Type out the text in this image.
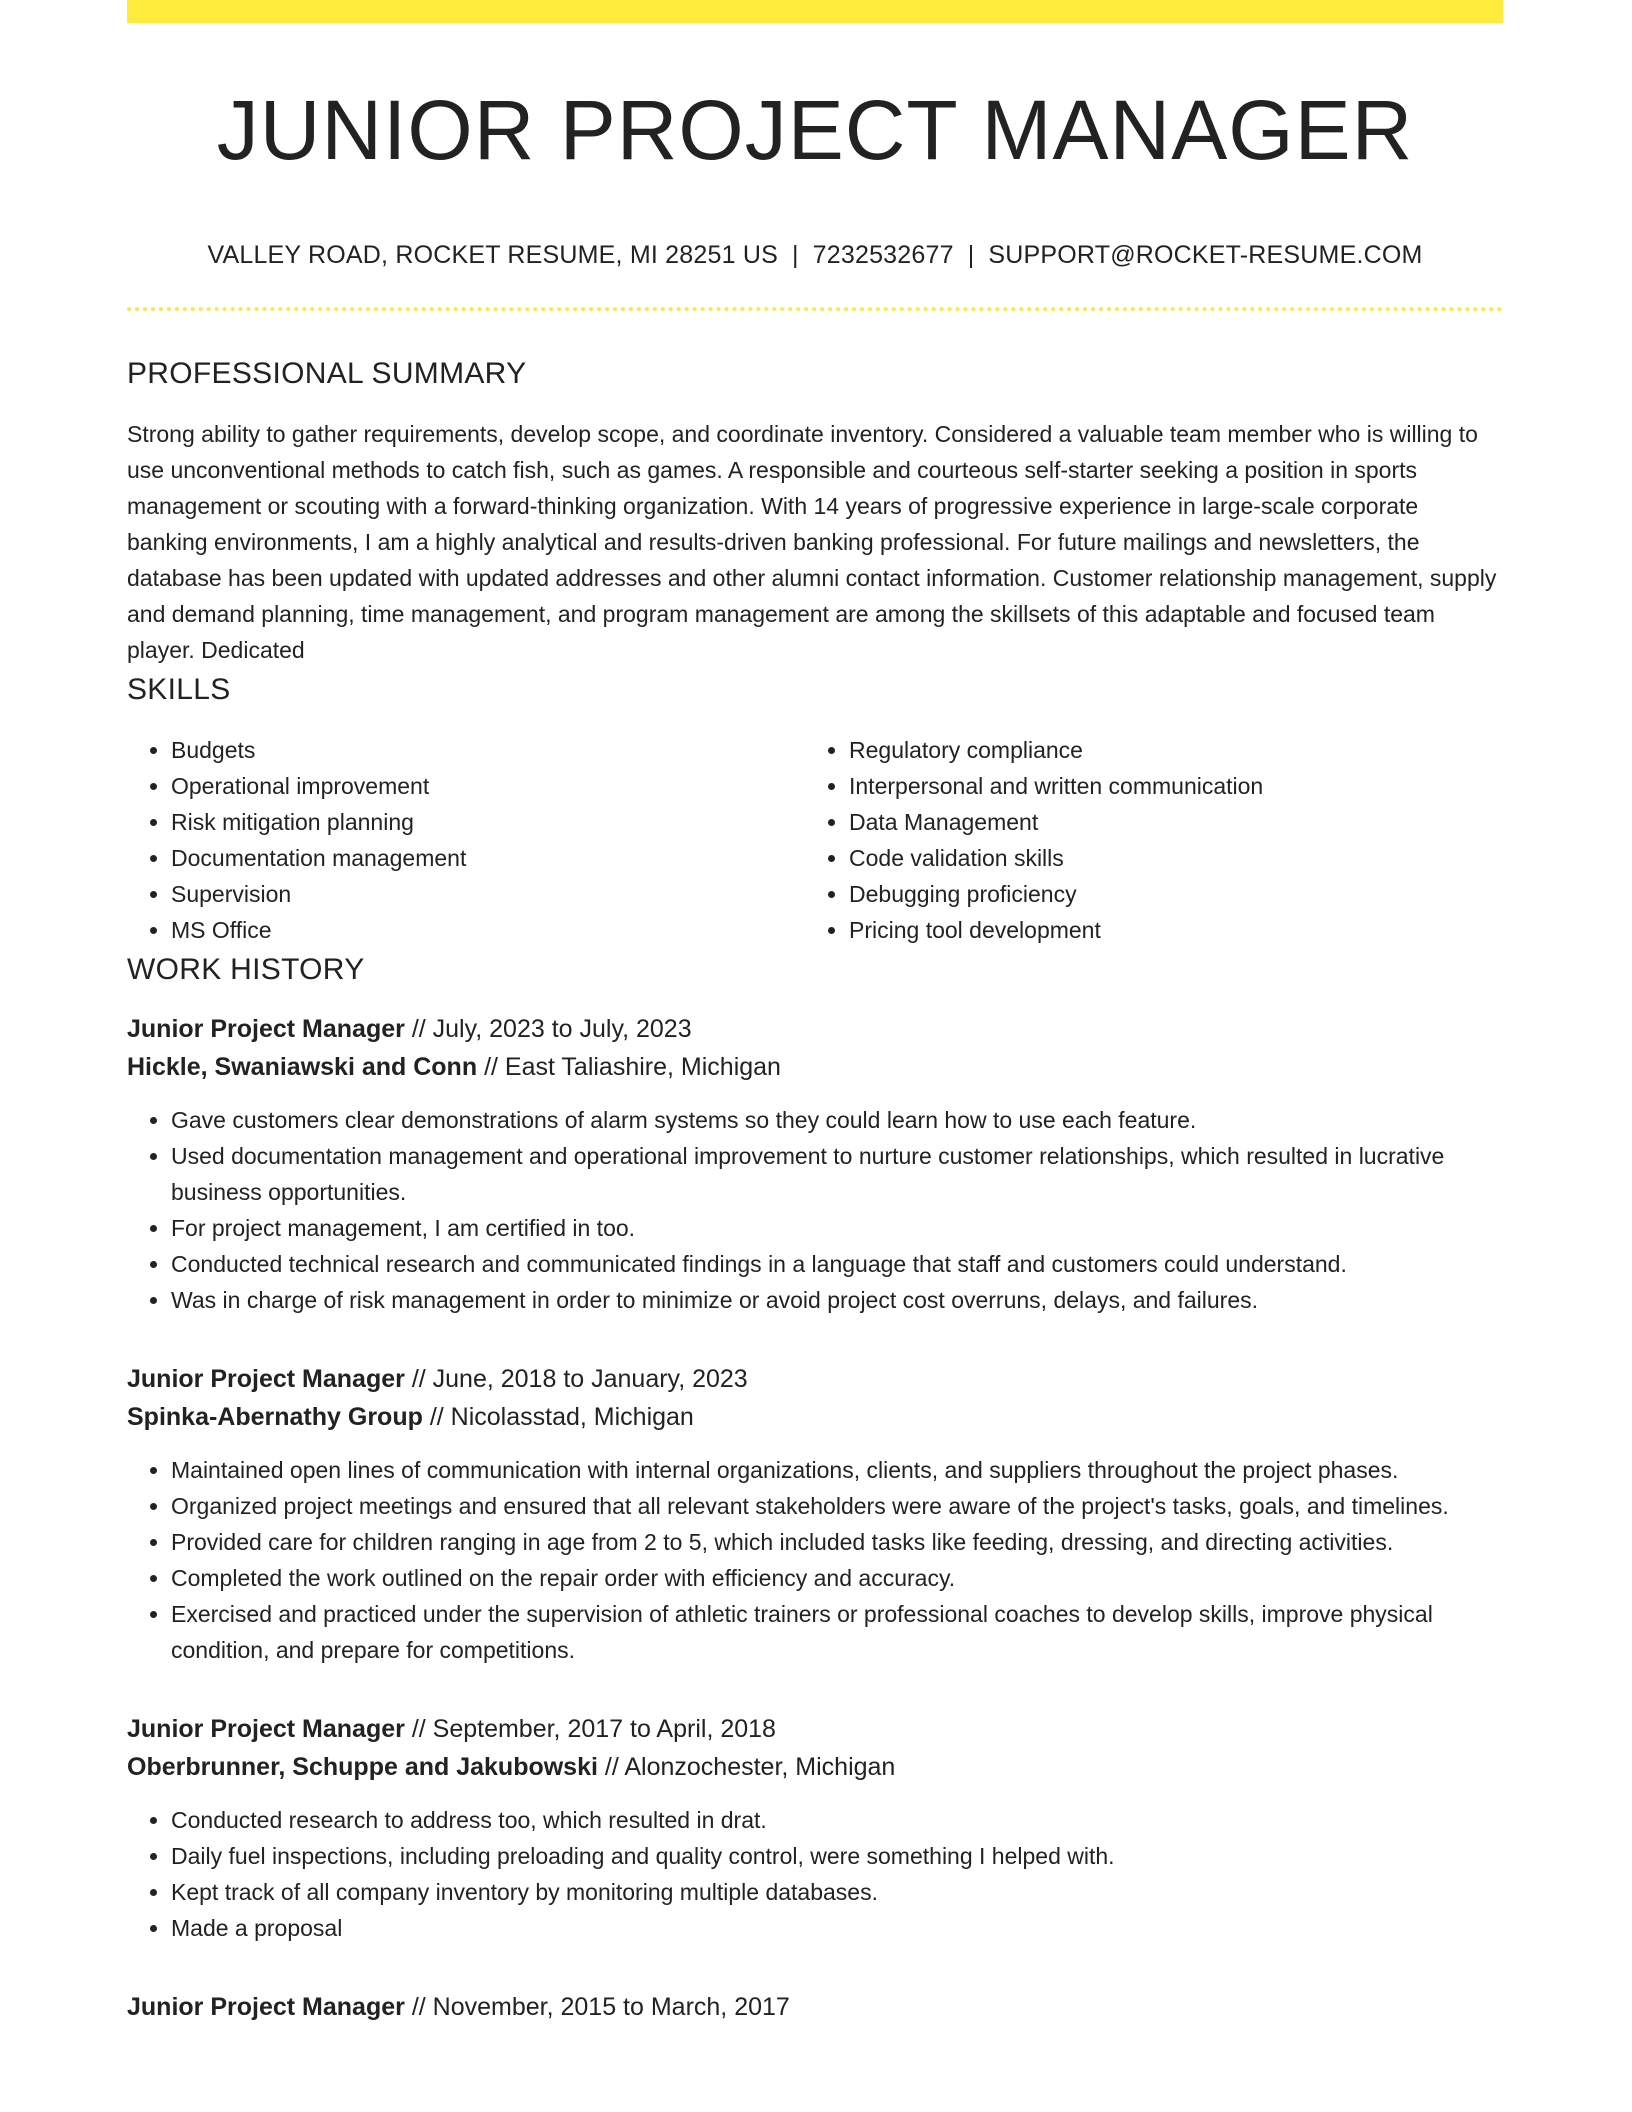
JUNIOR PROJECT MANAGER
VALLEY ROAD, ROCKET RESUME, MI 28251 US | 7232532677 | SUPPORT@ROCKET-RESUME.COM
PROFESSIONAL SUMMARY

Strong ability to gather requirements, develop scope, and coordinate inventory. Considered a valuable team member who is willing to use unconventional methods to catch fish, such as games. A responsible and courteous self-starter seeking a position in sports management or scouting with a forward-thinking organization. With 14 years of progressive experience in large-scale corporate banking environments, I am a highly analytical and results-driven banking professional. For future mailings and newsletters, the database has been updated with updated addresses and other alumni contact information. Customer relationship management, supply and demand planning, time management, and program management are among the skillsets of this adaptable and focused team player. Dedicated

SKILLS
• Budgets
• Operational improvement
• Risk mitigation planning
• Documentation management
• Supervision
• MS Office
• Regulatory compliance
• Interpersonal and written communication
• Data Management
• Code validation skills
• Debugging proficiency
• Pricing tool development
WORK HISTORY
Junior Project Manager // July, 2023 to July, 2023
Hickle, Swaniawski and Conn // East Taliashire, Michigan
• Gave customers clear demonstrations of alarm systems so they could learn how to use each feature.
• Used documentation management and operational improvement to nurture customer relationships, which resulted in lucrative business opportunities.
• For project management, I am certified in too.
• Conducted technical research and communicated findings in a language that staff and customers could understand.
• Was in charge of risk management in order to minimize or avoid project cost overruns, delays, and failures.
Junior Project Manager // June, 2018 to January, 2023
Spinka-Abernathy Group // Nicolasstad, Michigan
• Maintained open lines of communication with internal organizations, clients, and suppliers throughout the project phases.
• Organized project meetings and ensured that all relevant stakeholders were aware of the project's tasks, goals, and timelines.
• Provided care for children ranging in age from 2 to 5, which included tasks like feeding, dressing, and directing activities.
• Completed the work outlined on the repair order with efficiency and accuracy.
• Exercised and practiced under the supervision of athletic trainers or professional coaches to develop skills, improve physical condition, and prepare for competitions.
Junior Project Manager // September, 2017 to April, 2018
Oberbrunner, Schuppe and Jakubowski // Alonzochester, Michigan
• Conducted research to address too, which resulted in drat.
• Daily fuel inspections, including preloading and quality control, were something I helped with.
• Kept track of all company inventory by monitoring multiple databases.
• Made a proposal
Junior Project Manager // November, 2015 to March, 2017
